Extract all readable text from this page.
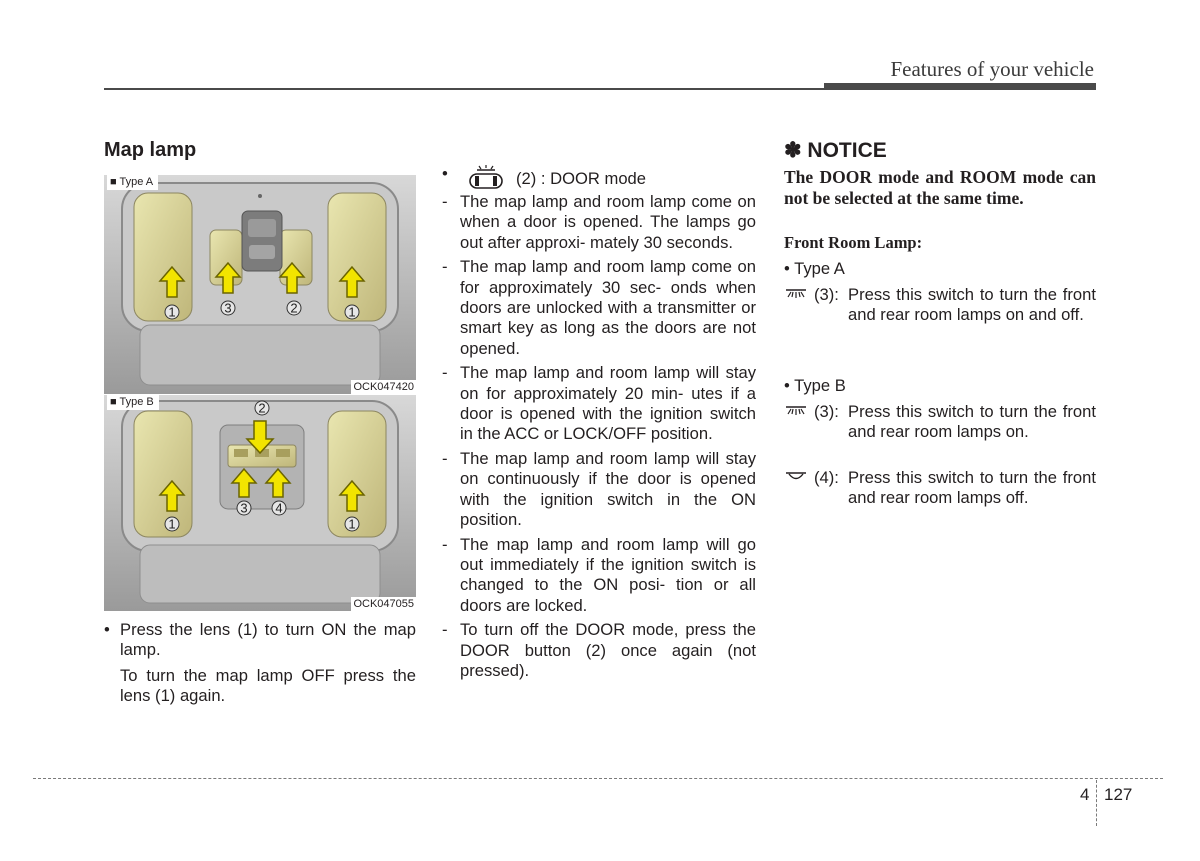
Features of your vehicle
Map lamp
1	3	2	1
■ Type A
OCK047420
2
1
3 4
1
■ Type B
OCK047055
• Press the lens (1) to turn ON the map lamp.
To turn the map lamp OFF press the lens (1) again.
•	(2) : DOOR mode
- The map lamp and room lamp come on when a door is opened. The lamps go out after approxi- mately 30 seconds.
- The map lamp and room lamp come on for approximately 30 sec- onds when doors are unlocked with a transmitter or smart key as long as the doors are not opened.
- The map lamp and room lamp will stay on for approximately 20 min- utes if a door is opened with the ignition switch in the ACC or LOCK/OFF position.
- The map lamp and room lamp will stay on continuously if the door is opened with the ignition switch in the ON position.
- The map lamp and room lamp will go out immediately if the ignition switch is changed to the ON posi- tion or all doors are locked.
- To turn off the DOOR mode, press the DOOR button (2) once again (not pressed).
✽ NOTICE
The DOOR mode and ROOM mode can not be selected at the same time.
Front Room Lamp:
• Type A
(3): Press this switch to turn the front and rear room lamps on and off.
• Type B
(3): Press this switch to turn the front and rear room lamps on.
(4): Press this switch to turn the front and rear room lamps off.
4 127
